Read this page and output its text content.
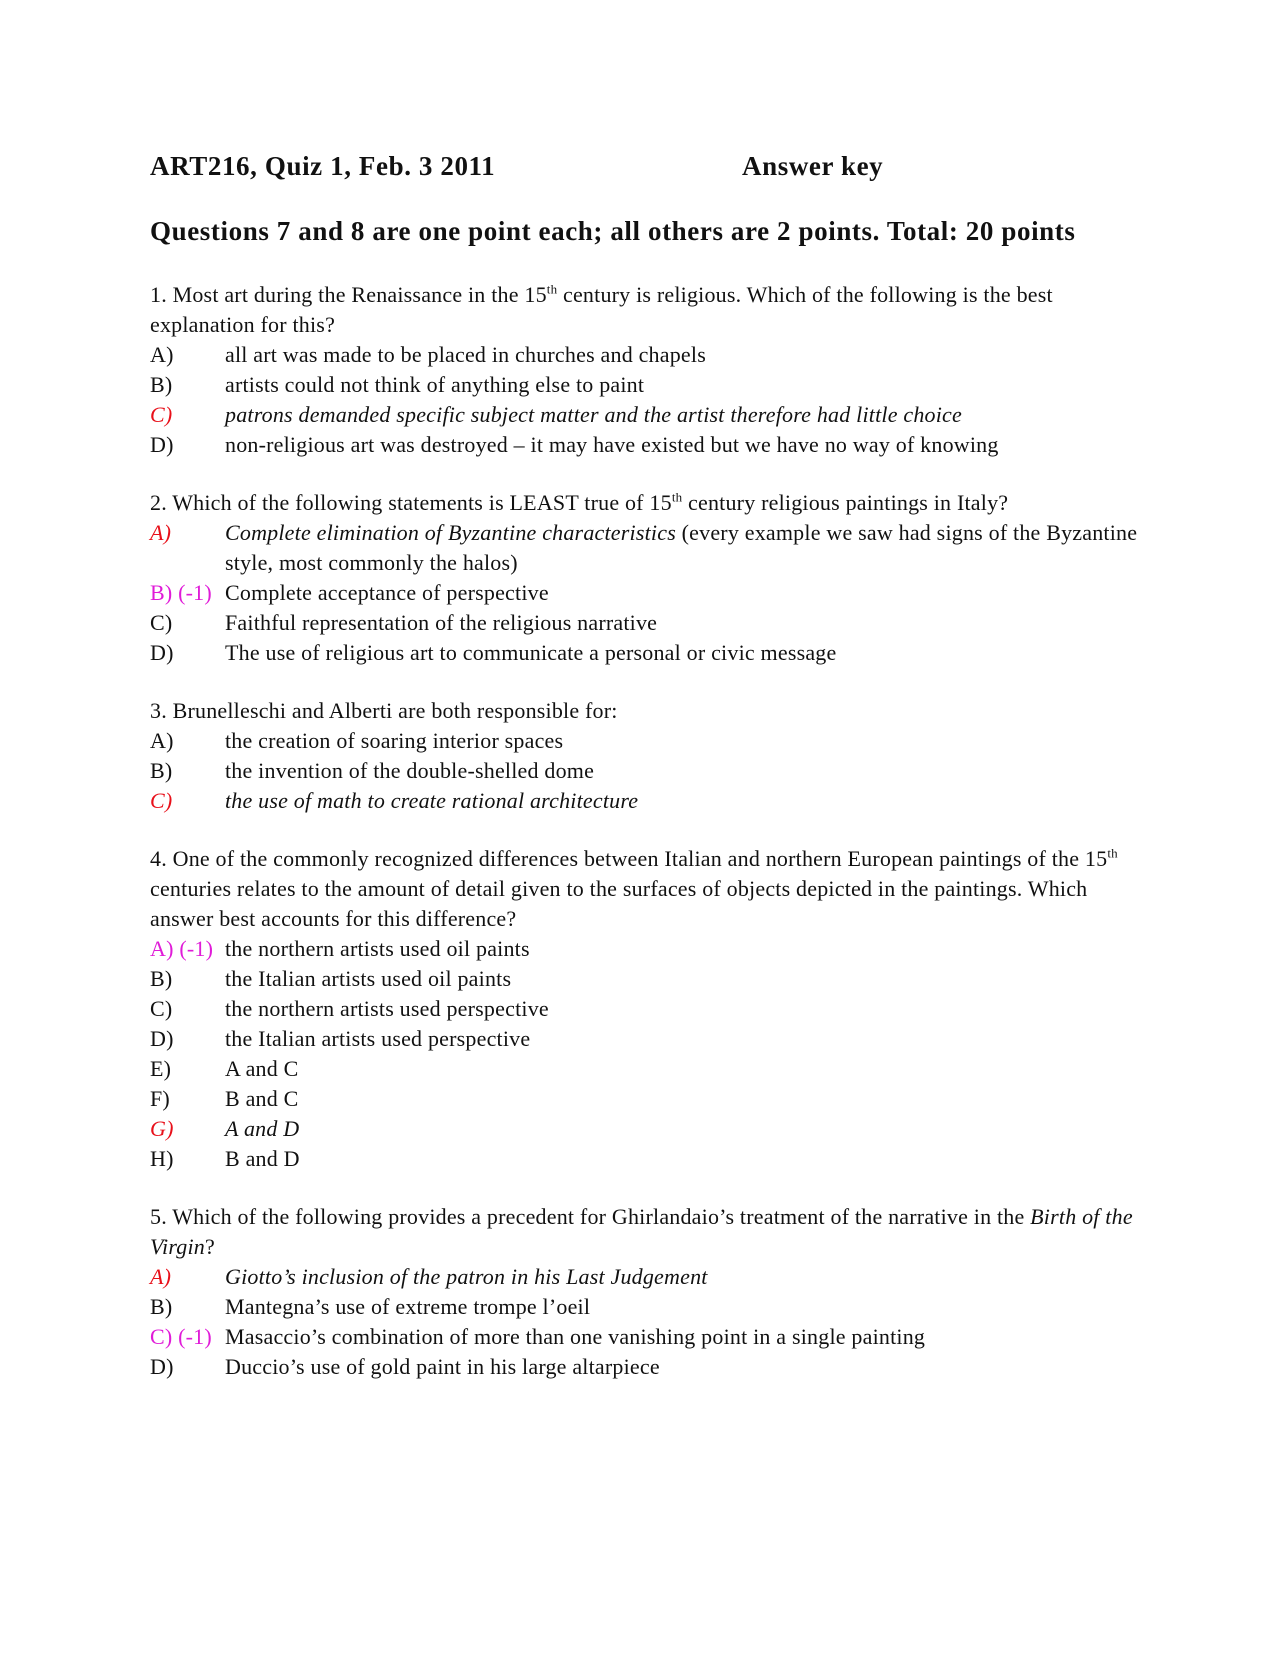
ART216, Quiz 1, Feb. 3 2011	Answer key
Questions 7 and 8 are one point each; all others are 2 points. Total: 20 points
1. Most art during the Renaissance in the 15th century is religious. Which of the following is the best explanation for this?
A)	all art was made to be placed in churches and chapels
B)	artists could not think of anything else to paint
C)	patrons demanded specific subject matter and the artist therefore had little choice
D)	non-religious art was destroyed – it may have existed but we have no way of knowing
2. Which of the following statements is LEAST true of 15th century religious paintings in Italy?
A)	Complete elimination of Byzantine characteristics (every example we saw had signs of the Byzantine style, most commonly the halos)
B) (-1) Complete acceptance of perspective
C)	Faithful representation of the religious narrative
D)	The use of religious art to communicate a personal or civic message
3. Brunelleschi and Alberti are both responsible for:
A)	the creation of soaring interior spaces
B)	the invention of the double-shelled dome
C)	the use of math to create rational architecture
4. One of the commonly recognized differences between Italian and northern European paintings of the 15th centuries relates to the amount of detail given to the surfaces of objects depicted in the paintings. Which answer best accounts for this difference?
A) (-1) the northern artists used oil paints
B)	the Italian artists used oil paints
C)	the northern artists used perspective
D)	the Italian artists used perspective
E)	A and C
F)	B and C
G)	A and D
H)	B and D
5. Which of the following provides a precedent for Ghirlandaio’s treatment of the narrative in the Birth of the Virgin?
A)	Giotto’s inclusion of the patron in his Last Judgement
B)	Mantegna’s use of extreme trompe l’oeil
C) (-1) Masaccio’s combination of more than one vanishing point in a single painting
D)	Duccio’s use of gold paint in his large altarpiece
